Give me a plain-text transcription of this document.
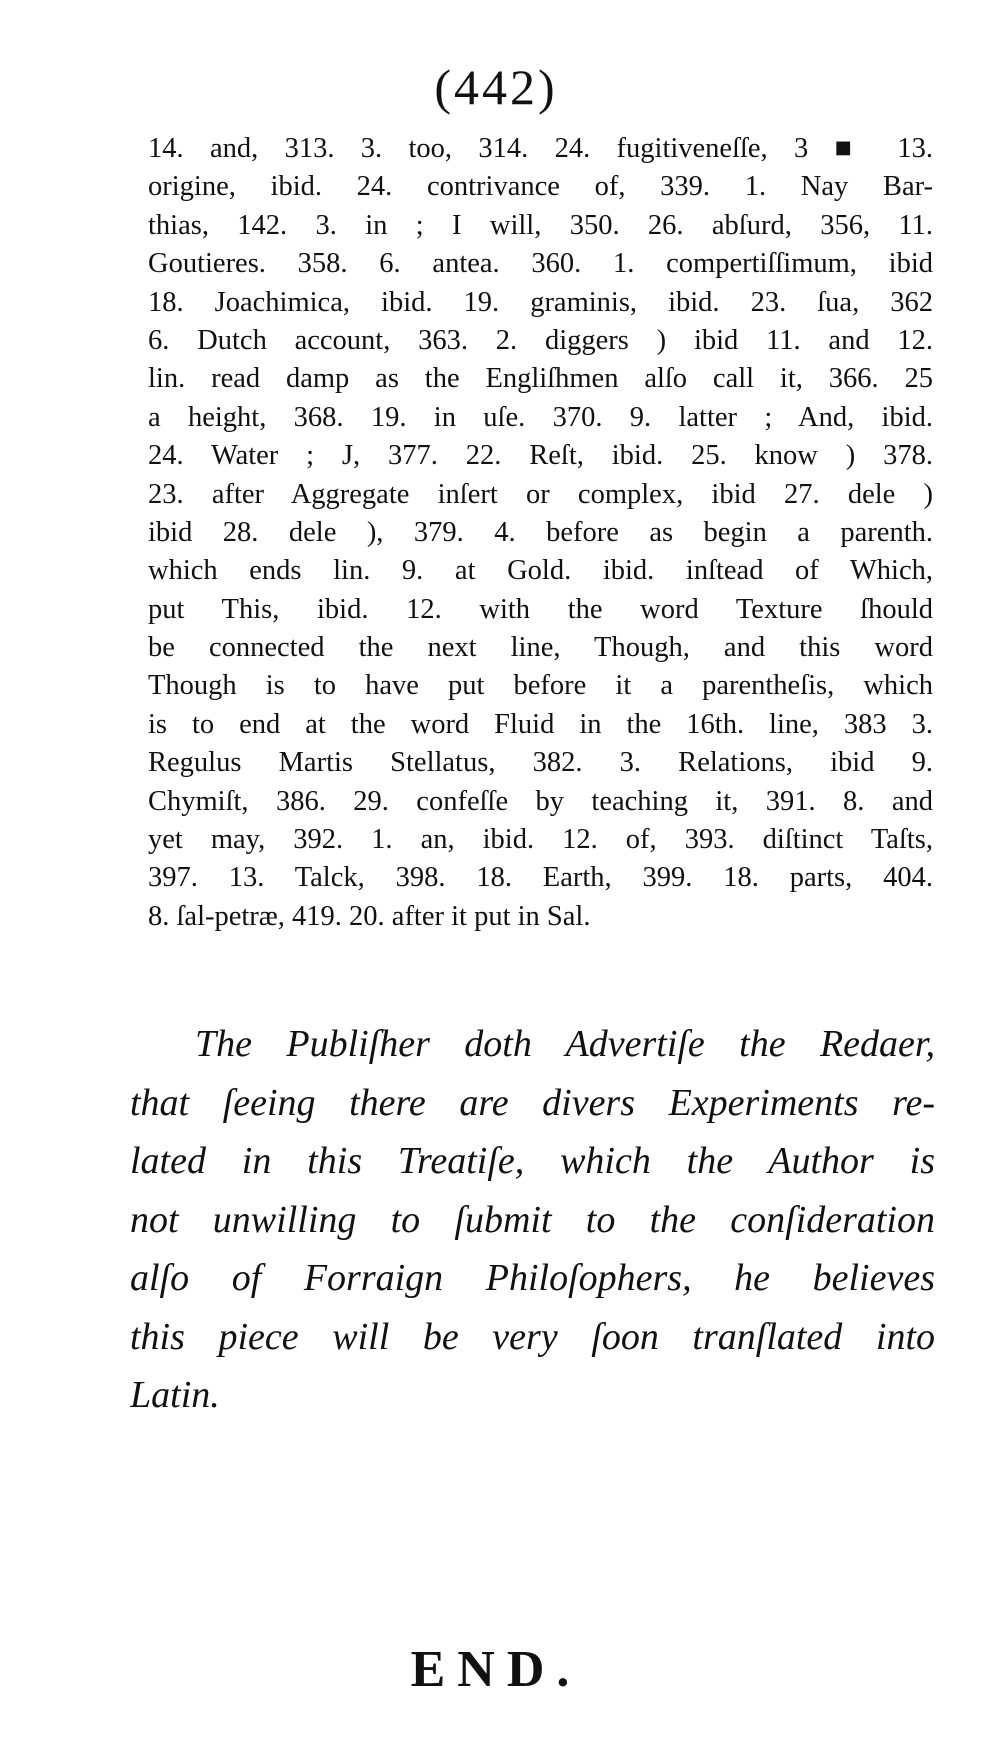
(442)
14. and, 313. 3. too, 314. 24. fugitiveneſſe, 3 ■ 13.
origine, ibid. 24. contrivance of, 339. 1. Nay Bar-
thias, 142. 3. in ; I will, 350. 26. abſurd, 356, 11.
Goutieres. 358. 6. antea. 360. 1. compertiſſimum, ibid
18. Joachimica, ibid. 19. graminis, ibid. 23. ſua, 362
6. Dutch account, 363. 2. diggers ) ibid 11. and 12.
lin. read damp as the Engliſhmen alſo call it, 366. 25
a height, 368. 19. in uſe. 370. 9. latter ; And, ibid.
24. Water ; J, 377. 22. Reſt, ibid. 25. know ) 378.
23. after Aggregate inſert or complex, ibid 27. dele )
ibid 28. dele ), 379. 4. before as begin a parenth.
which ends lin. 9. at Gold. ibid. inſtead of Which,
put This, ibid. 12. with the word Texture ſhould
be connected the next line, Though, and this word
Though is to have put before it a parentheſis, which
is to end at the word Fluid in the 16th. line, 383 3.
Regulus Martis Stellatus, 382. 3. Relations, ibid 9.
Chymiſt, 386. 29. confeſſe by teaching it, 391. 8. and
yet may, 392. 1. an, ibid. 12. of, 393. diſtinct Taſts,
397. 13. Talck, 398. 18. Earth, 399. 18. parts, 404.
8. ſal-petræ, 419. 20. after it put in Sal.
The Publiſher doth Advertiſe the Redaer,
that ſeeing there are divers Experiments re-
lated in this Treatiſe, which the Author is
not unwilling to ſubmit to the conſideration
alſo of Forraign Philoſophers, he believes
this piece will be very ſoon tranſlated into
Latin.
END.
